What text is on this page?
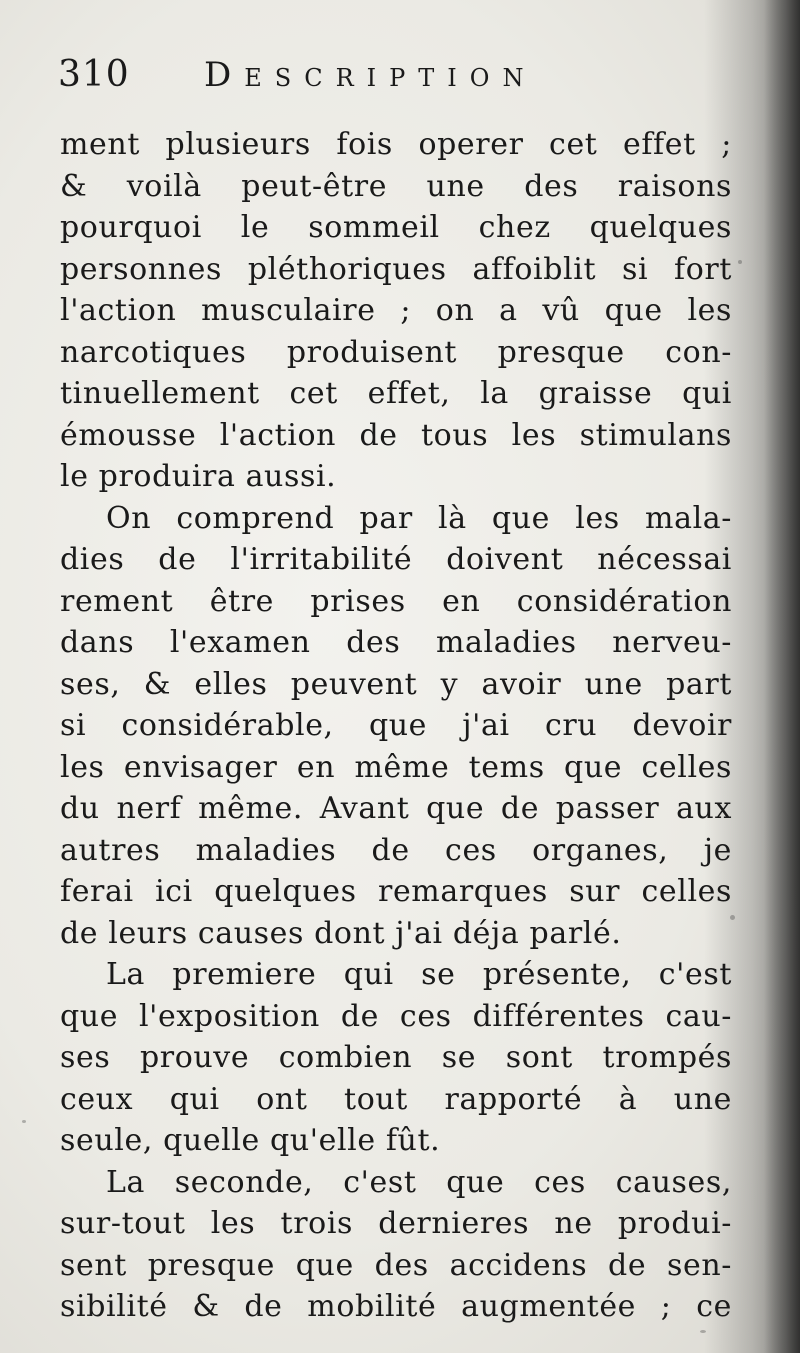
310 Description
ment plusieurs fois operer cet effet ;
& voilà peut-être une des raisons
pourquoi le sommeil chez quelques
personnes pléthoriques affoiblit si fort
l'action musculaire ; on a vû que les
narcotiques produisent presque con-
tinuellement cet effet, la graisse qui
émousse l'action de tous les stimulans
le produira aussi.
On comprend par là que les mala-
dies de l'irritabilité doivent nécessai
rement être prises en considération
dans l'examen des maladies nerveu-
ses, & elles peuvent y avoir une part
si considérable, que j'ai cru devoir
les envisager en même tems que celles
du nerf même. Avant que de passer aux
autres maladies de ces organes, je
ferai ici quelques remarques sur celles
de leurs causes dont j'ai déja parlé.
La premiere qui se présente, c'est
que l'exposition de ces différentes cau-
ses prouve combien se sont trompés
ceux qui ont tout rapporté à une
seule, quelle qu'elle fût.
La seconde, c'est que ces causes,
sur-tout les trois dernieres ne produi-
sent presque que des accidens de sen-
sibilité & de mobilité augmentée ; ce
